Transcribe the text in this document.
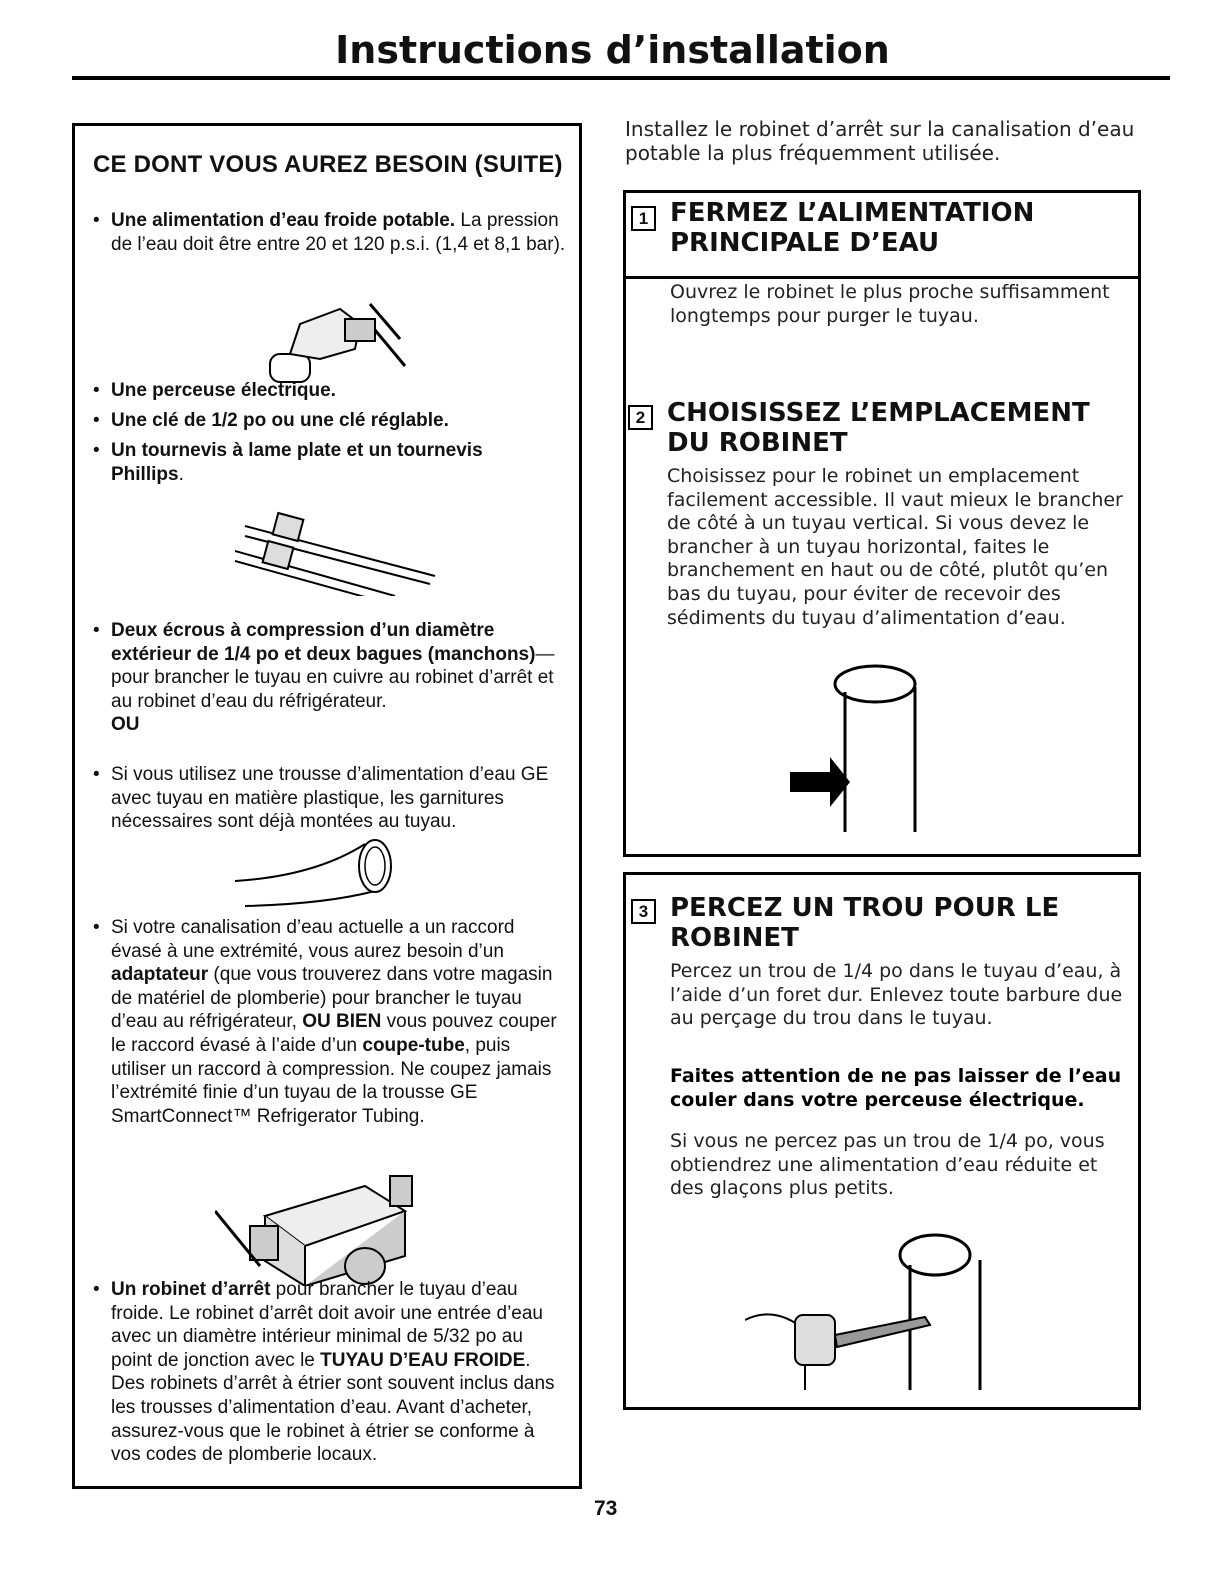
Instructions d’installation
CE DONT VOUS AUREZ BESOIN (SUITE)
• Une alimentation d’eau froide potable. La pression de l’eau doit être entre 20 et 120 p.s.i. (1,4 et 8,1 bar).
• Une perceuse électrique.
• Une clé de 1/2 po ou une clé réglable.
• Un tournevis à lame plate et un tournevis
Phillips.
• Deux écrous à compression d’un diamètre extérieur de 1/4 po et deux bagues (manchons)—pour brancher le tuyau en cuivre au robinet d’arrêt et au robinet d’eau du réfrigérateur.
OU
• Si vous utilisez une trousse d’alimentation d’eau GE avec tuyau en matière plastique, les garnitures nécessaires sont déjà montées au tuyau.
• Si votre canalisation d’eau actuelle a un raccord évasé à une extrémité, vous aurez besoin d’un adaptateur (que vous trouverez dans votre magasin de matériel de plomberie) pour brancher le tuyau d’eau au réfrigérateur, OU BIEN vous pouvez couper le raccord évasé à l’aide d’un coupe-tube, puis utiliser un raccord à compression. Ne coupez jamais l’extrémité finie d’un tuyau de la trousse GE SmartConnect™ Refrigerator Tubing.
• Un robinet d’arrêt pour brancher le tuyau d’eau froide. Le robinet d’arrêt doit avoir une entrée d’eau avec un diamètre intérieur minimal de 5/32 po au point de jonction avec le TUYAU D’EAU FROIDE. Des robinets d’arrêt à étrier sont souvent inclus dans les trousses d’alimentation d’eau. Avant d’acheter, assurez-vous que le robinet à étrier se conforme à vos codes de plomberie locaux.
Installez le robinet d’arrêt sur la canalisation d’eau potable la plus fréquemment utilisée.
1 FERMEZ L’ALIMENTATION PRINCIPALE D’EAU
Ouvrez le robinet le plus proche suffisamment longtemps pour purger le tuyau.
2 CHOISISSEZ L’EMPLACEMENT DU ROBINET
Choisissez pour le robinet un emplacement facilement accessible. Il vaut mieux le brancher de côté à un tuyau vertical. Si vous devez le brancher à un tuyau horizontal, faites le branchement en haut ou de côté, plutôt qu’en bas du tuyau, pour éviter de recevoir des sédiments du tuyau d’alimentation d’eau.
3 PERCEZ UN TROU POUR LE ROBINET
Percez un trou de 1/4 po dans le tuyau d’eau, à l’aide d’un foret dur. Enlevez toute barbure due au perçage du trou dans le tuyau.
Faites attention de ne pas laisser de l’eau couler dans votre perceuse électrique.
Si vous ne percez pas un trou de 1/4 po, vous obtiendrez une alimentation d’eau réduite et des glaçons plus petits.
73
